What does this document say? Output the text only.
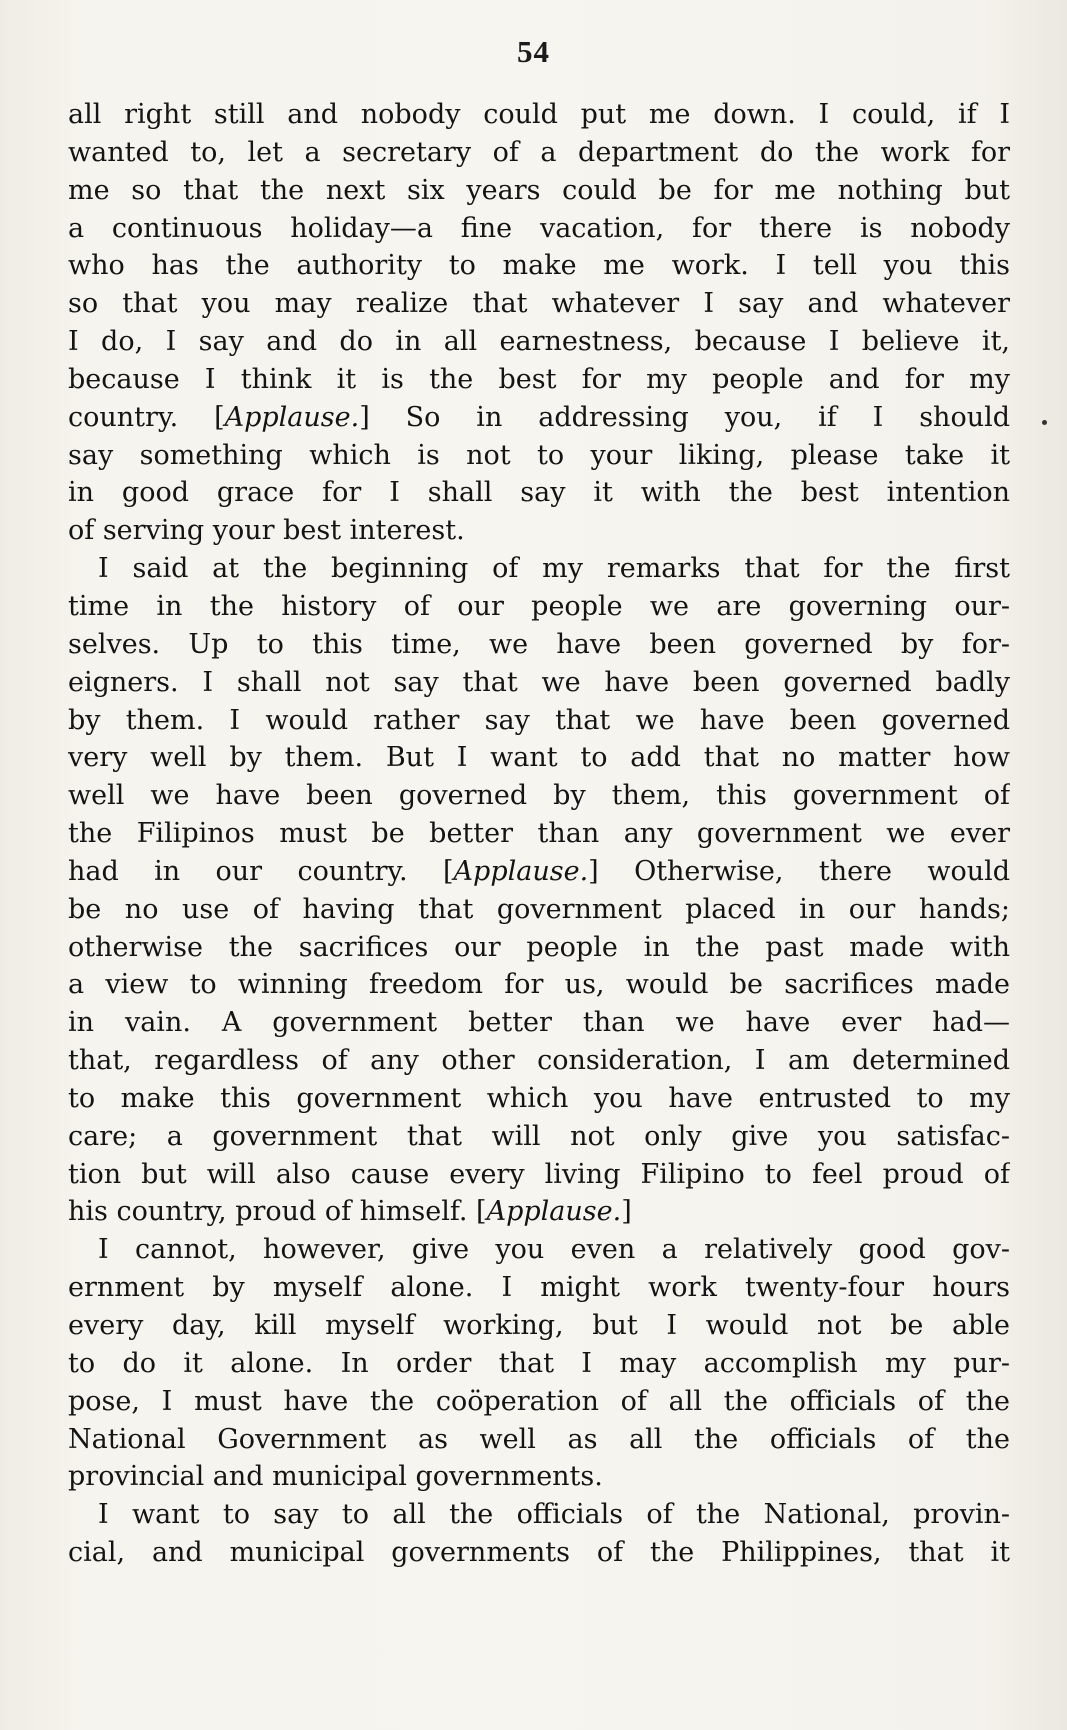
54
all right still and nobody could put me down. I could, if I
wanted to, let a secretary of a department do the work for
me so that the next six years could be for me nothing but
a continuous holiday—a fine vacation, for there is nobody
who has the authority to make me work. I tell you this
so that you may realize that whatever I say and whatever
I do, I say and do in all earnestness, because I believe it,
because I think it is the best for my people and for my
country. [Applause.] So in addressing you, if I should
say something which is not to your liking, please take it
in good grace for I shall say it with the best intention
of serving your best interest.
I said at the beginning of my remarks that for the first
time in the history of our people we are governing our-
selves. Up to this time, we have been governed by for-
eigners. I shall not say that we have been governed badly
by them. I would rather say that we have been governed
very well by them. But I want to add that no matter how
well we have been governed by them, this government of
the Filipinos must be better than any government we ever
had in our country. [Applause.] Otherwise, there would
be no use of having that government placed in our hands;
otherwise the sacrifices our people in the past made with
a view to winning freedom for us, would be sacrifices made
in vain. A government better than we have ever had—
that, regardless of any other consideration, I am determined
to make this government which you have entrusted to my
care; a government that will not only give you satisfac-
tion but will also cause every living Filipino to feel proud of
his country, proud of himself. [Applause.]
I cannot, however, give you even a relatively good gov-
ernment by myself alone. I might work twenty-four hours
every day, kill myself working, but I would not be able
to do it alone. In order that I may accomplish my pur-
pose, I must have the coöperation of all the officials of the
National Government as well as all the officials of the
provincial and municipal governments.
I want to say to all the officials of the National, provin-
cial, and municipal governments of the Philippines, that it
